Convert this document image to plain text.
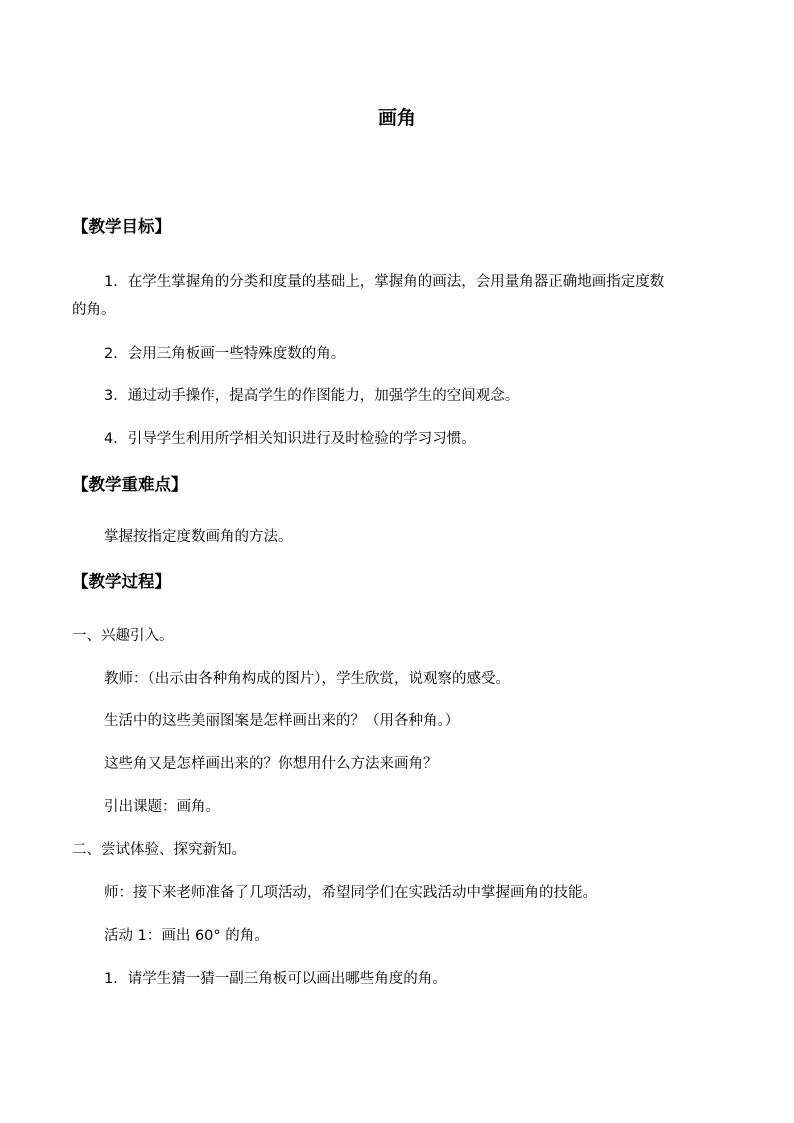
画角
【教学目标】

1．在学生掌握角的分类和度量的基础上，掌握角的画法，会用量角器正确地画指定度数

的角。

2．会用三角板画一些特殊度数的角。

3．通过动手操作，提高学生的作图能力，加强学生的空间观念。

4．引导学生利用所学相关知识进行及时检验的学习习惯。

【教学重难点】

掌握按指定度数画角的方法。

【教学过程】

一、兴趣引入。

教师：（出示由各种角构成的图片），学生欣赏，说观察的感受。

生活中的这些美丽图案是怎样画出来的？（用各种角。）

这些角又是怎样画出来的？你想用什么方法来画角？

引出课题：画角。

二、尝试体验、探究新知。

师：接下来老师准备了几项活动，希望同学们在实践活动中掌握画角的技能。

活动 1：画出 60° 的角。

1．请学生猜一猜一副三角板可以画出哪些角度的角。
